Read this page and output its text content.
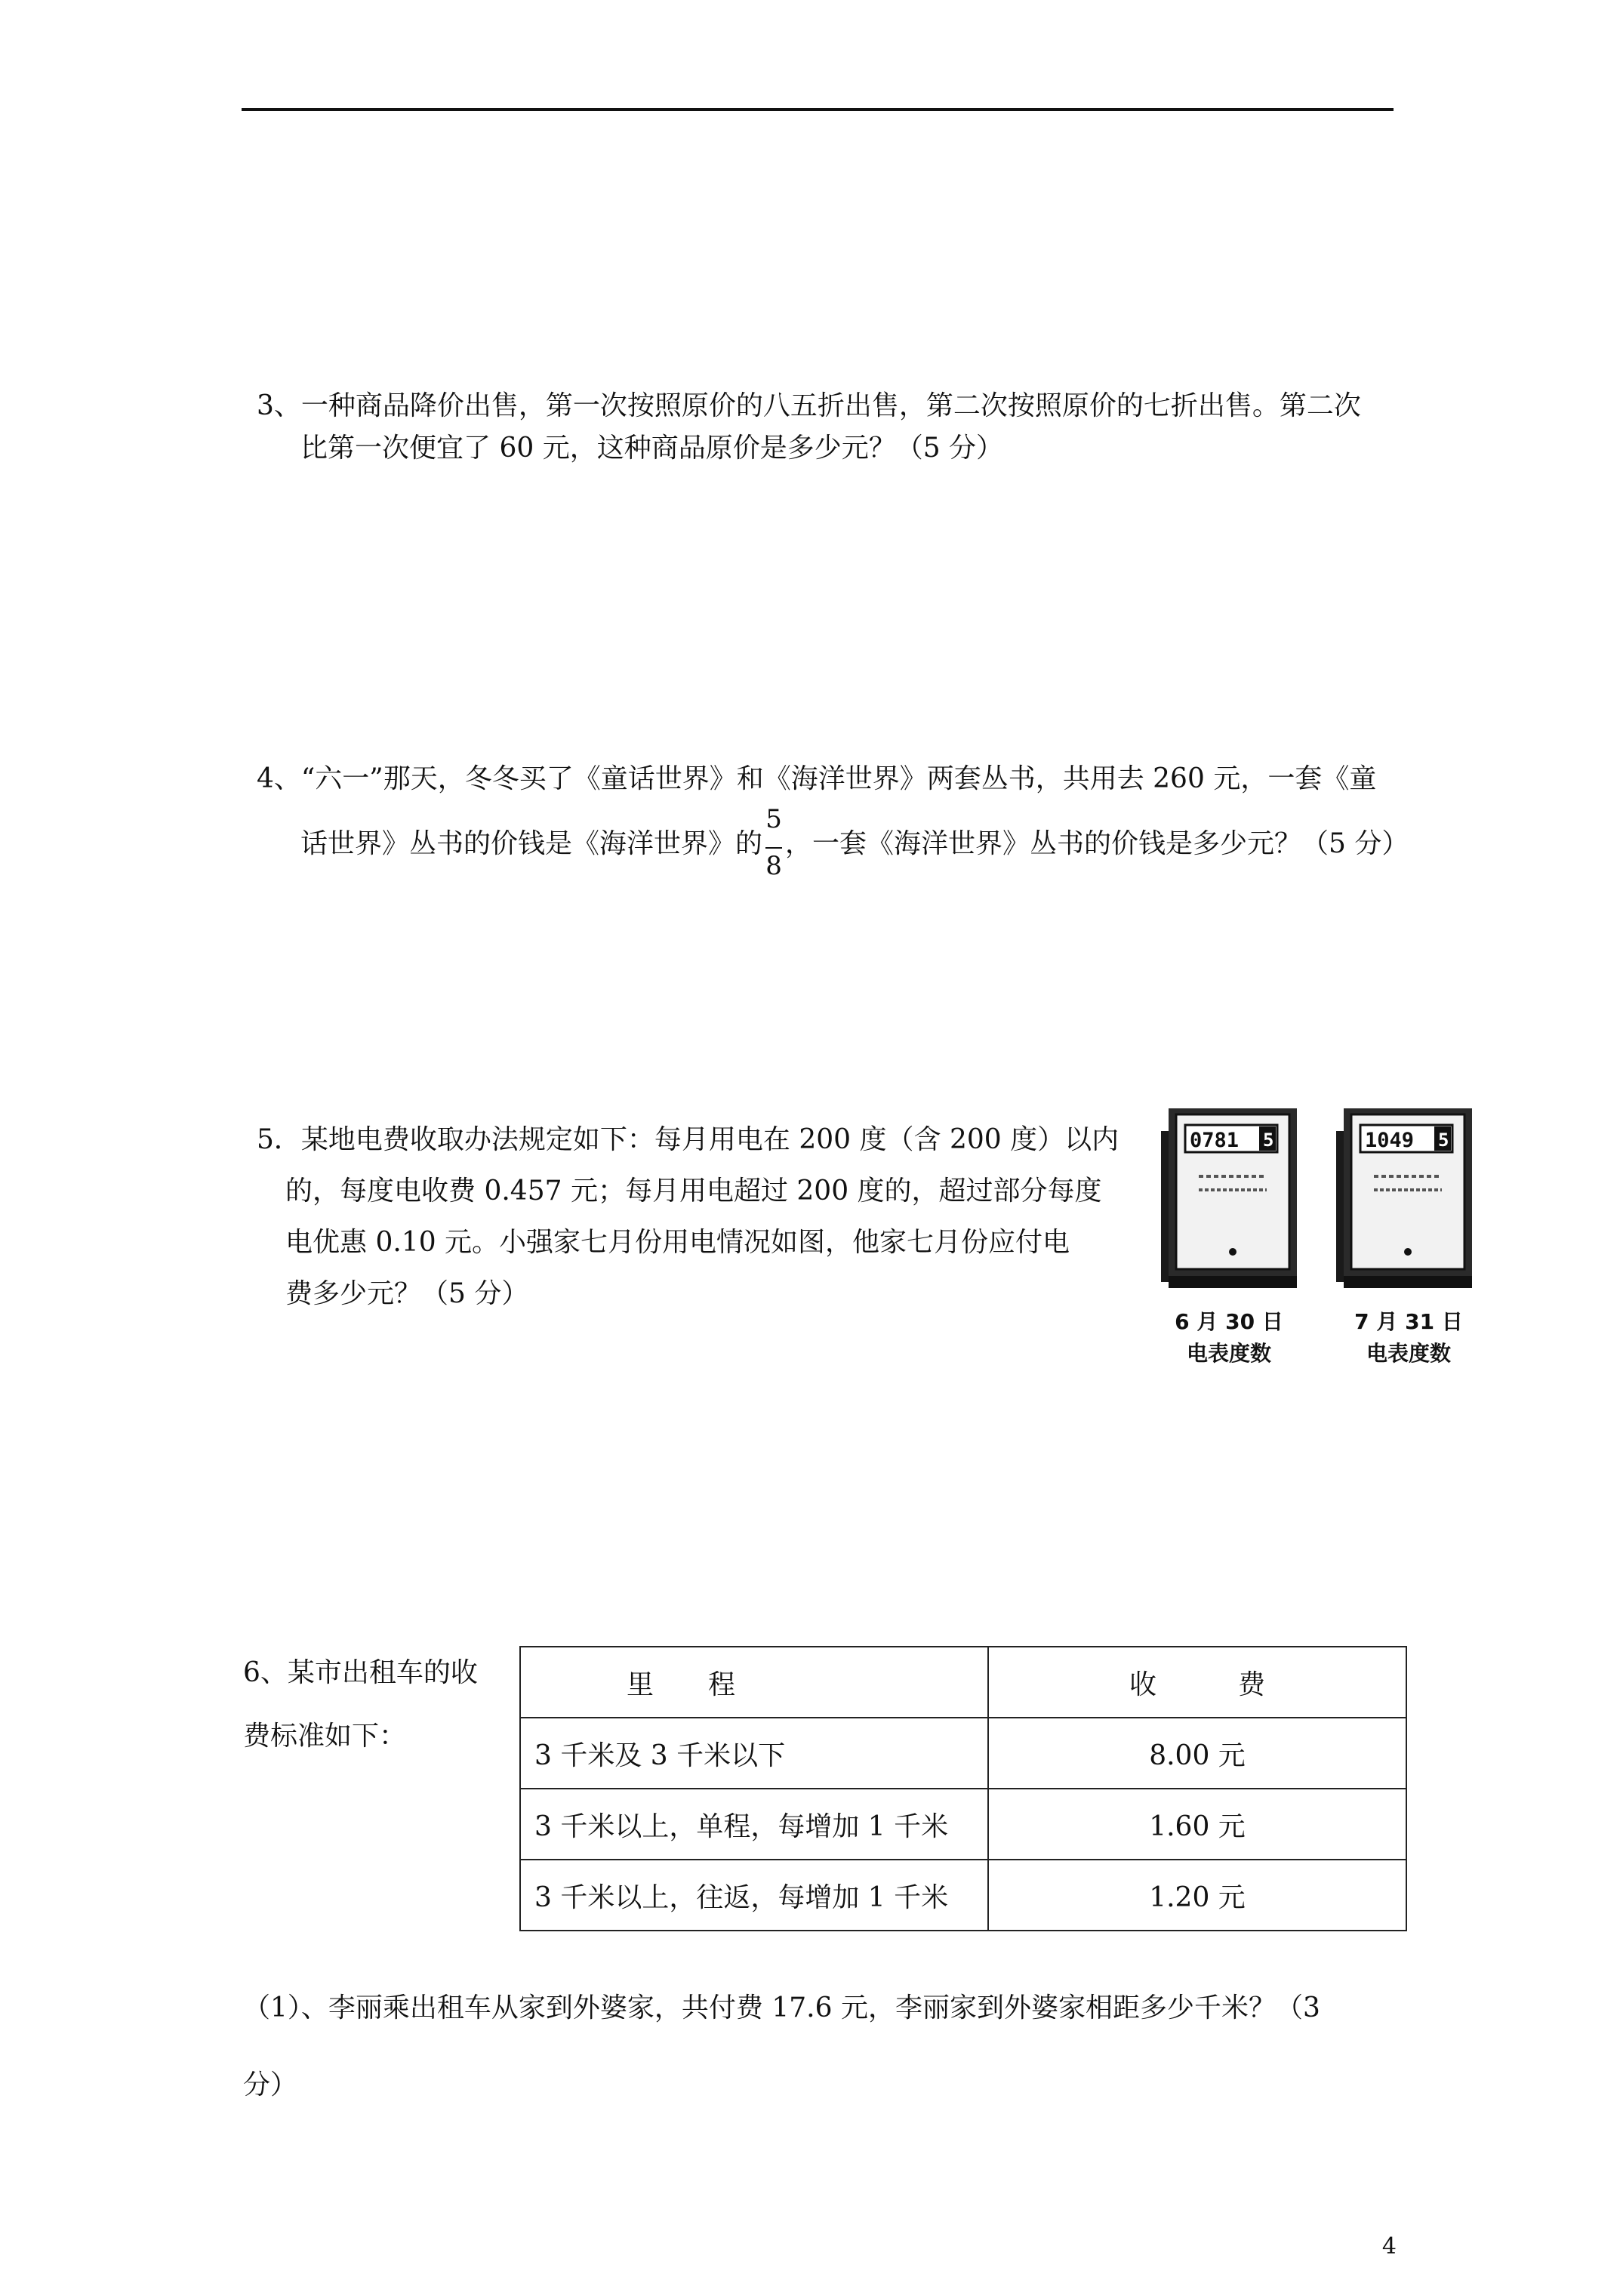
3、一种商品降价出售，第一次按照原价的八五折出售，第二次按照原价的七折出售。第二次
比第一次便宜了 60 元，这种商品原价是多少元？（5 分）
4、“六一”那天，冬冬买了《童话世界》和《海洋世界》两套丛书，共用去 260 元，一套《童
话世界》丛书的价钱是《海洋世界》的 $\frac{5}{8}$ ，一套《海洋世界》丛书的价钱是多少元？（5 分）
5．某地电费收取办法规定如下：每月用电在 200 度（含 200 度）以内
的，每度电收费 0.457 元；每月用电超过 200 度的，超过部分每度
电优惠 0.10 元。小强家七月份用电情况如图，他家七月份应付电
费多少元？（5 分）
0781 5
6 月 30 日
电表度数
1049 5
7 月 31 日
电表度数
6、某市出租车的收
费标准如下：
里　　程	收　　　费
3 千米及 3 千米以下	8.00 元
3 千米以上，单程，每增加 1 千米	1.60 元
3 千米以上，往返，每增加 1 千米	1.20 元
（1）、李丽乘出租车从家到外婆家，共付费 17.6 元，李丽家到外婆家相距多少千米？（3
分）
4
